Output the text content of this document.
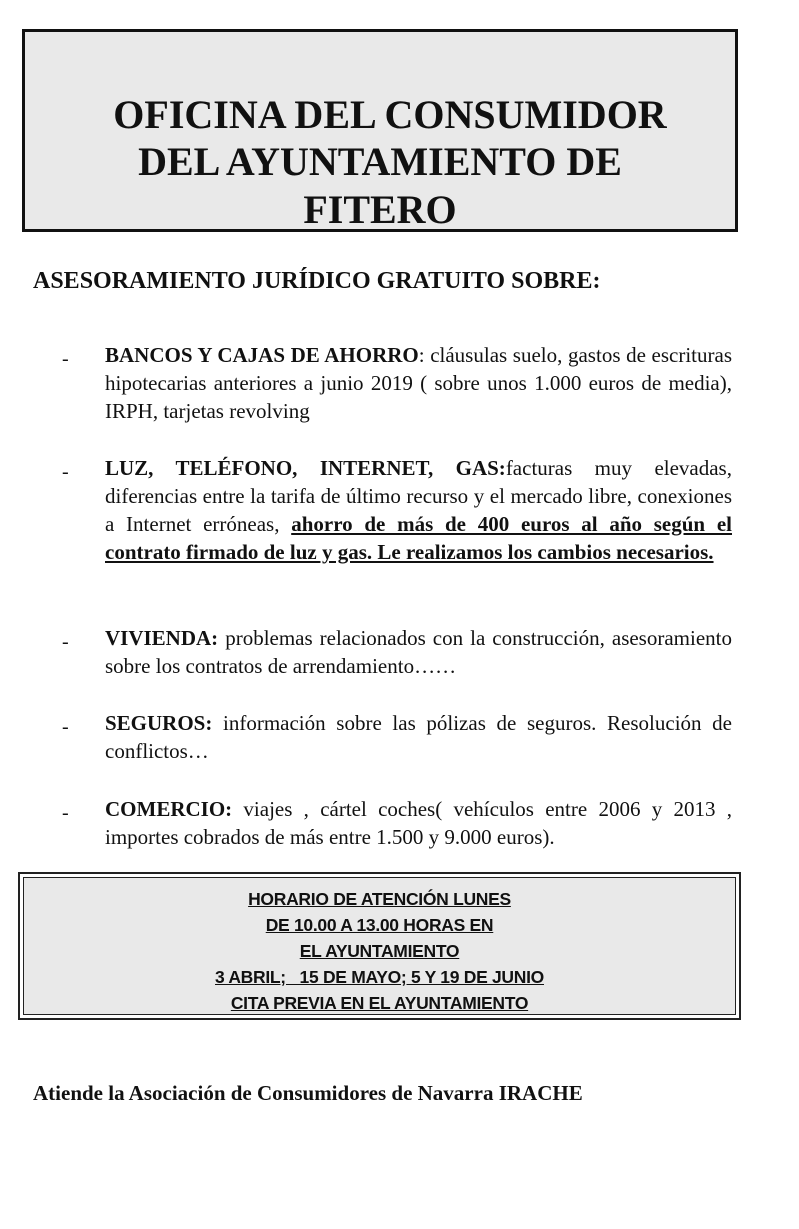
OFICINA DEL CONSUMIDOR
DEL AYUNTAMIENTO DE
FITERO
ASESORAMIENTO JURÍDICO GRATUITO SOBRE:
- BANCOS Y CAJAS DE AHORRO: cláusulas suelo, gastos de escrituras hipotecarias anteriores a junio 2019 ( sobre unos 1.000 euros de media), IRPH, tarjetas revolving
- LUZ, TELÉFONO, INTERNET, GAS:facturas muy elevadas, diferencias entre la tarifa de último recurso y el mercado libre, conexiones a Internet erróneas, ahorro de más de 400 euros al año según el contrato firmado de luz y gas. Le realizamos los cambios necesarios.
- VIVIENDA: problemas relacionados con la construcción, asesoramiento sobre los contratos de arrendamiento……
- SEGUROS: información sobre las pólizas de seguros. Resolución de conflictos…
- COMERCIO: viajes , cártel coches( vehículos entre 2006 y 2013 , importes cobrados de más entre 1.500 y 9.000 euros).
HORARIO DE ATENCIÓN LUNES
DE 10.00 A 13.00 HORAS EN
EL AYUNTAMIENTO
3 ABRIL;   15 DE MAYO; 5 Y 19 DE JUNIO
CITA PREVIA EN EL AYUNTAMIENTO
Atiende la Asociación de Consumidores de Navarra IRACHE
